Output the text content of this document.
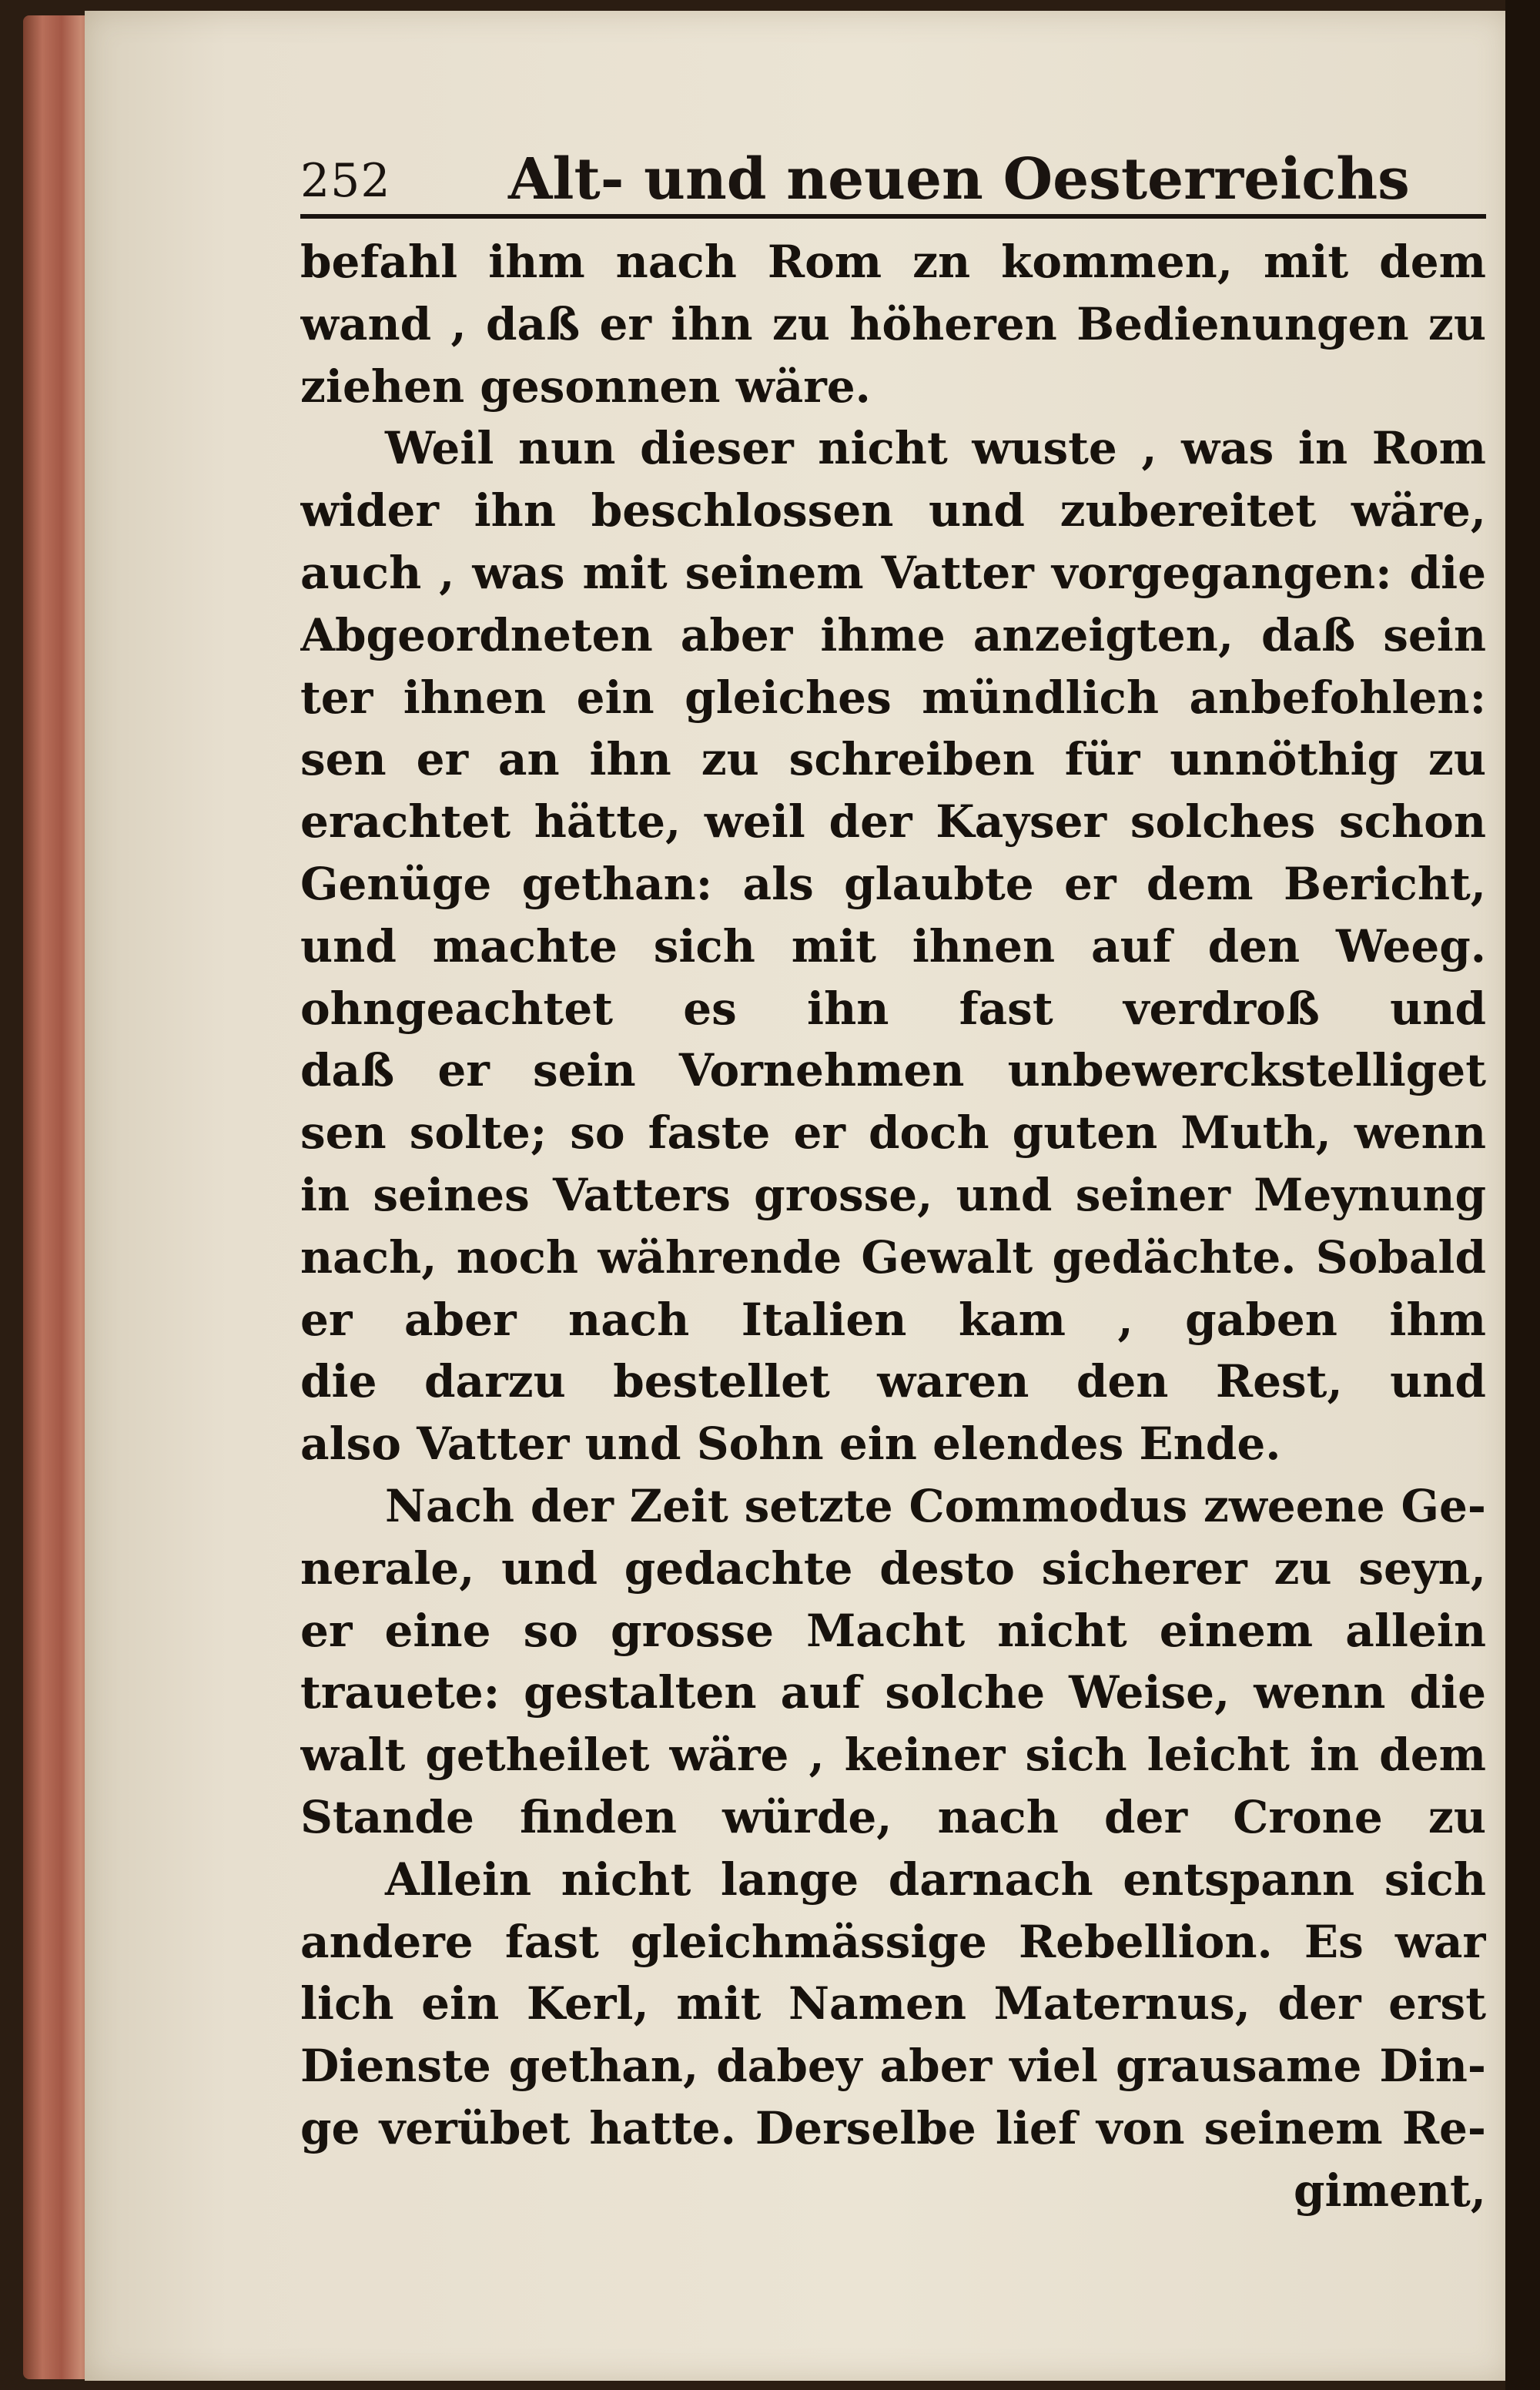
252 Alt- und neuen Oesterreichs
befahl ihm nach Rom zn kommen, mit dem
wand , daß er ihn zu höheren Bedienungen zu
ziehen gesonnen wäre.
Weil nun dieser nicht wuste , was in Rom
wider ihn beschlossen und zubereitet wäre,
auch , was mit seinem Vatter vorgegangen: die
Abgeordneten aber ihme anzeigten, daß sein
ter ihnen ein gleiches mündlich anbefohlen:
sen er an ihn zu schreiben für unnöthig zu
erachtet hätte, weil der Kayser solches schon
Genüge gethan: als glaubte er dem Bericht,
und machte sich mit ihnen auf den Weeg.
ohngeachtet es ihn fast verdroß und
daß er sein Vornehmen unbewerckstelliget
sen solte; so faste er doch guten Muth, wenn
in seines Vatters grosse, und seiner Meynung
nach, noch währende Gewalt gedächte. Sobald
er aber nach Italien kam , gaben ihm
die darzu bestellet waren den Rest, und
also Vatter und Sohn ein elendes Ende.
Nach der Zeit setzte Commodus zweene Ge-
nerale, und gedachte desto sicherer zu seyn,
er eine so grosse Macht nicht einem allein
trauete: gestalten auf solche Weise, wenn die
walt getheilet wäre , keiner sich leicht in dem
Stande finden würde, nach der Crone zu
Allein nicht lange darnach entspann sich
andere fast gleichmässige Rebellion. Es war
lich ein Kerl, mit Namen Maternus, der erst
Dienste gethan, dabey aber viel grausame Din-
ge verübet hatte. Derselbe lief von seinem Re-
giment,
